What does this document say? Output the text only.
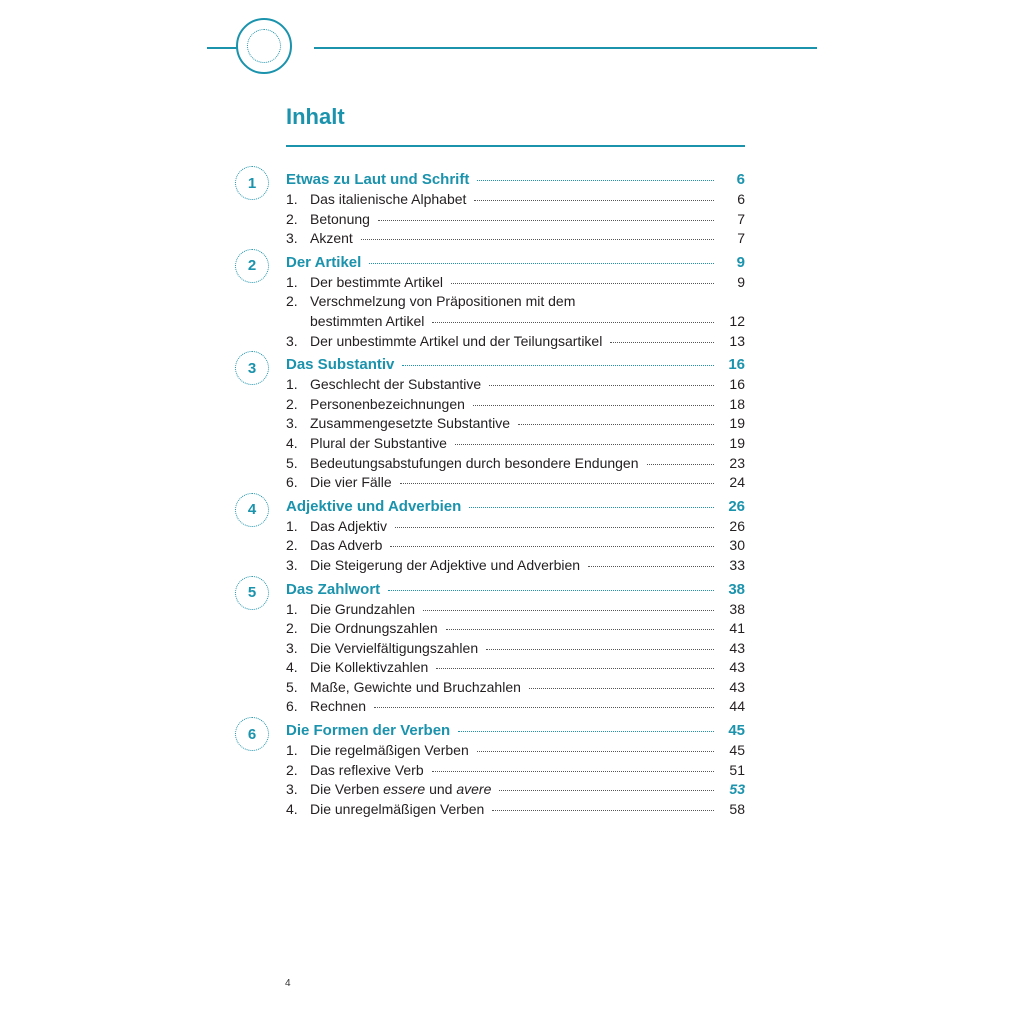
Inhalt
1	Etwas zu Laut und Schrift	6
1. Das italienische Alphabet	6
2. Betonung	7
3. Akzent	7
2	Der Artikel	9
1. Der bestimmte Artikel	9
2. Verschmelzung von Präpositionen mit dem
bestimmten Artikel	12
3. Der unbestimmte Artikel und der Teilungsartikel	13
3	Das Substantiv	16
1. Geschlecht der Substantive	16
2. Personenbezeichnungen	18
3. Zusammengesetzte Substantive	19
4. Plural der Substantive	19
5. Bedeutungsabstufungen durch besondere Endungen	23
6. Die vier Fälle	24
4	Adjektive und Adverbien	26
1. Das Adjektiv	26
2. Das Adverb	30
3. Die Steigerung der Adjektive und Adverbien	33
5	Das Zahlwort	38
1. Die Grundzahlen	38
2. Die Ordnungszahlen	41
3. Die Vervielfältigungszahlen	43
4. Die Kollektivzahlen	43
5. Maße, Gewichte und Bruchzahlen	43
6. Rechnen	44
6	Die Formen der Verben	45
1. Die regelmäßigen Verben	45
2. Das reflexive Verb	51
3. Die Verben essere und avere	53
4. Die unregelmäßigen Verben	58
4
